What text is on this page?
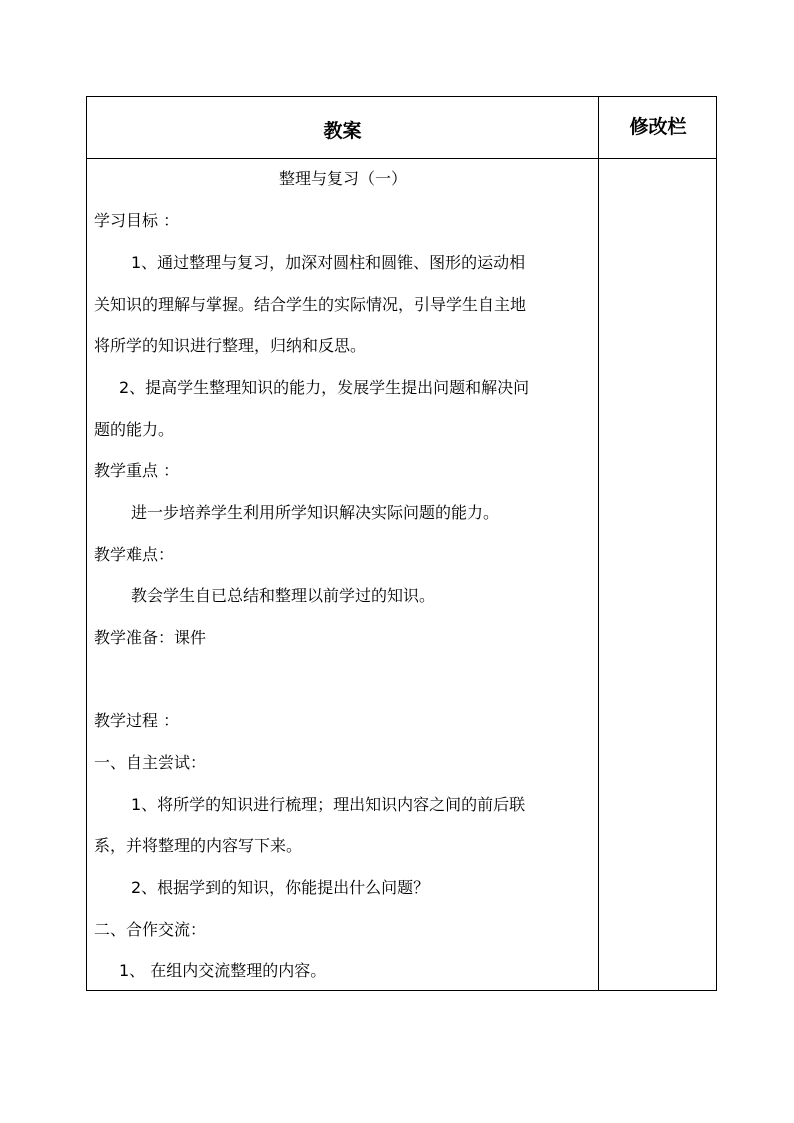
教案	修改栏
整理与复习（一）
学习目标 ：
1、通过整理与复习，加深对圆柱和圆锥、图形的运动相
关知识的理解与掌握。结合学生的实际情况，引导学生自主地
将所学的知识进行整理，归纳和反思。
2、提高学生整理知识的能力，发展学生提出问题和解决问
题的能力。
教学重点 ：
进一步培养学生利用所学知识解决实际问题的能力。
教学难点：
教会学生自已总结和整理以前学过的知识。
教学准备：课件
教学过程 ：
一、自主尝试：
1、将所学的知识进行梳理；理出知识内容之间的前后联
系，并将整理的内容写下来。
2、根据学到的知识，你能提出什么问题？
二、合作交流：
1、 在组内交流整理的内容。
